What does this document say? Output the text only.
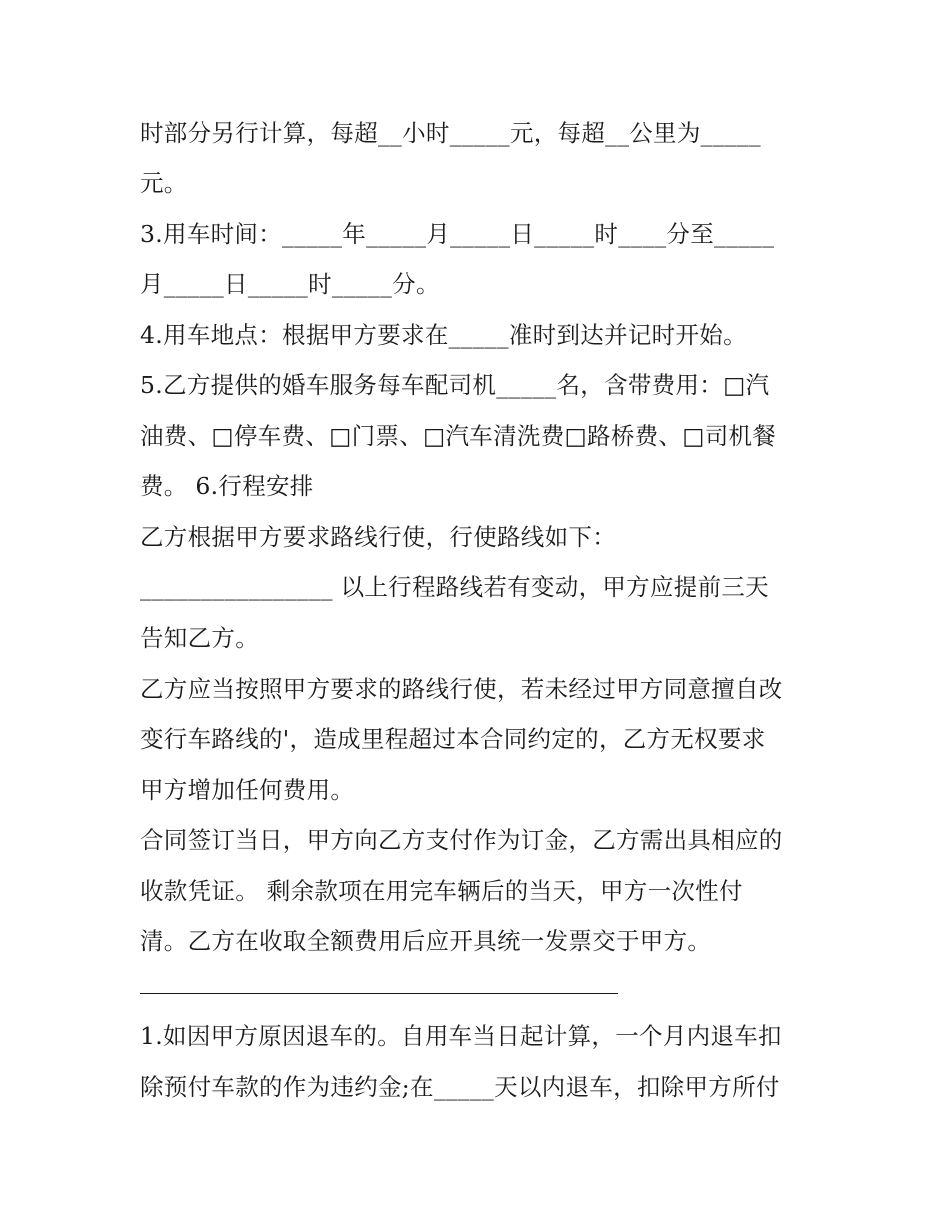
时部分另行计算，每超__小时_____元，每超__公里为_____
元。
3.用车时间：_____年_____月_____日_____时____分至_____
月_____日_____时_____分。
4.用车地点：根据甲方要求在_____准时到达并记时开始。
5.乙方提供的婚车服务每车配司机_____名，含带费用：□汽
油费、□停车费、□门票、□汽车清洗费□路桥费、□司机餐
费。 6.行程安排
乙方根据甲方要求路线行使，行使路线如下：
________________ 以上行程路线若有变动，甲方应提前三天
告知乙方。
乙方应当按照甲方要求的路线行使，若未经过甲方同意擅自改
变行车路线的'，造成里程超过本合同约定的，乙方无权要求
甲方增加任何费用。
合同签订当日，甲方向乙方支付作为订金，乙方需出具相应的
收款凭证。 剩余款项在用完车辆后的当天，甲方一次性付
清。乙方在收取全额费用后应开具统一发票交于甲方。
1.如因甲方原因退车的。自用车当日起计算，一个月内退车扣
除预付车款的作为违约金;在_____天以内退车，扣除甲方所付
